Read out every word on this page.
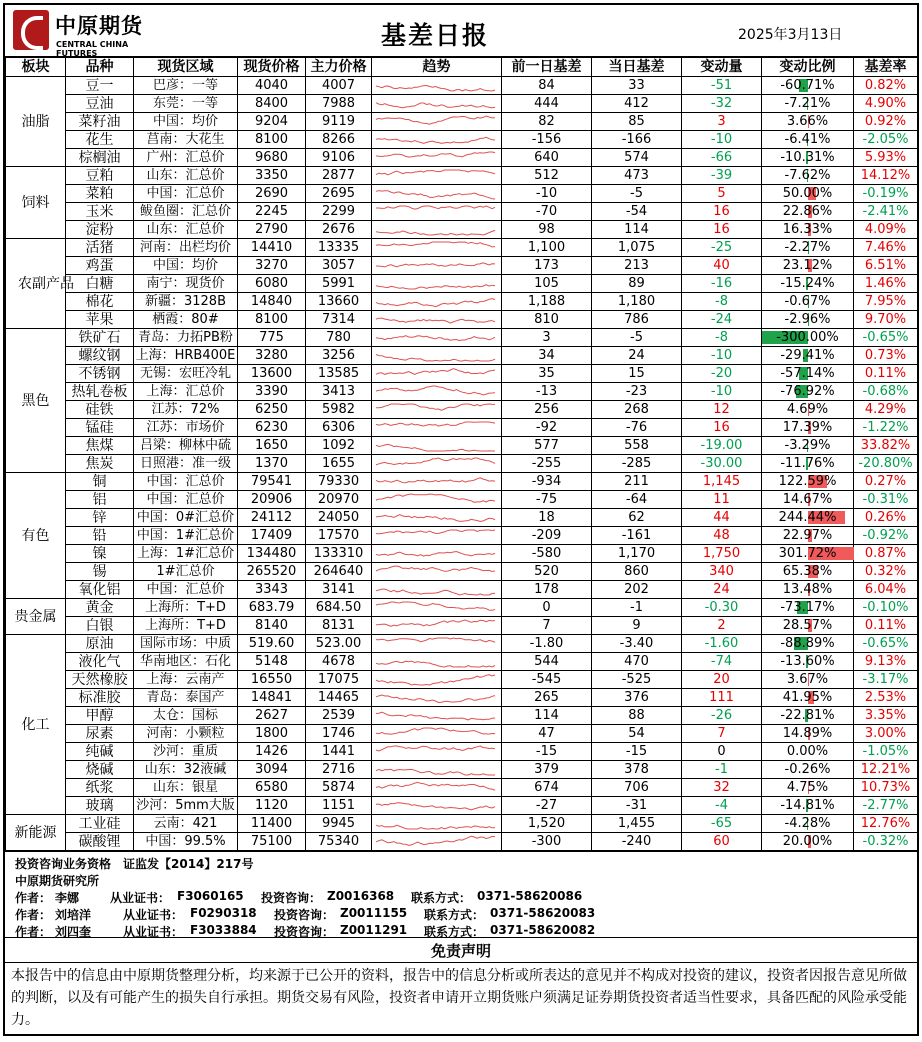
中原期货
CENTRAL CHINA FUTURES
基差日报	2025年3月13日
板块	品种	现货区域	现货价格	主力价格	趋势	前一日基差	当日基差	变动量	变动比例	基差率
油脂	豆一	巴彦：一等	4040	4007		84	33	-51	-60.71%	0.82%
	豆油	东莞：一等	8400	7988		444	412	-32	-7.21%	4.90%
	菜籽油	中国：均价	9204	9119		82	85	3	3.66%	0.92%
	花生	莒南：大花生	8100	8266		-156	-166	-10	-6.41%	-2.05%
	棕榈油	广州：汇总价	9680	9106		640	574	-66	-10.31%	5.93%
饲料	豆粕	山东：汇总价	3350	2877		512	473	-39	-7.62%	14.12%
	菜粕	中国：汇总价	2690	2695		-10	-5	5	50.00%	-0.19%
	玉米	鲅鱼圈：汇总价	2245	2299		-70	-54	16	22.86%	-2.41%
	淀粉	山东：汇总价	2790	2676		98	114	16	16.33%	4.09%
农副产品	活猪	河南：出栏均价	14410	13335		1,100	1,075	-25	-2.27%	7.46%
	鸡蛋	中国：均价	3270	3057		173	213	40	23.12%	6.51%
	白糖	南宁：现货价	6080	5991		105	89	-16	-15.24%	1.46%
	棉花	新疆：3128B	14840	13660		1,188	1,180	-8	-0.67%	7.95%
	苹果	栖霞：80#	8100	7314		810	786	-24	-2.96%	9.70%
黑色	铁矿石	青岛：力拓PB粉	775	780		3	-5	-8	-300.00%	-0.65%
	螺纹钢	上海：HRB400E	3280	3256		34	24	-10	-29.41%	0.73%
	不锈钢	无锡：宏旺冷轧	13600	13585		35	15	-20	-57.14%	0.11%
	热轧卷板	上海：汇总价	3390	3413		-13	-23	-10	-76.92%	-0.68%
	硅铁	江苏：72%	6250	5982		256	268	12	4.69%	4.29%
	锰硅	江苏：市场价	6230	6306		-92	-76	16	17.39%	-1.22%
	焦煤	吕梁：柳林中硫	1650	1092		577	558	-19.00	-3.29%	33.82%
	焦炭	日照港：准一级	1370	1655		-255	-285	-30.00	-11.76%	-20.80%
有色	铜	中国：汇总价	79541	79330		-934	211	1,145	122.59%	0.27%
	铝	中国：汇总价	20906	20970		-75	-64	11	14.67%	-0.31%
	锌	中国：0#汇总价	24112	24050		18	62	44	244.44%	0.26%
	铅	中国：1#汇总价	17409	17570		-209	-161	48	22.97%	-0.92%
	镍	上海：1#汇总价	134480	133310		-580	1,170	1,750	301.72%	0.87%
	锡	1#汇总价	265520	264640		520	860	340	65.38%	0.32%
	氧化铝	中国：汇总价	3343	3141		178	202	24	13.48%	6.04%
贵金属	黄金	上海所：T+D	683.79	684.50		0	-1	-0.30	-73.17%	-0.10%
	白银	上海所：T+D	8140	8131		7	9	2	28.57%	0.11%
化工	原油	国际市场：中质	519.60	523.00		-1.80	-3.40	-1.60	-88.89%	-0.65%
	液化气	华南地区：石化	5148	4678		544	470	-74	-13.60%	9.13%
	天然橡胶	上海：云南产	16550	17075		-545	-525	20	3.67%	-3.17%
	标准胶	青岛：泰国产	14841	14465		265	376	111	41.95%	2.53%
	甲醇	太仓：国标	2627	2539		114	88	-26	-22.81%	3.35%
	尿素	河南：小颗粒	1800	1746		47	54	7	14.89%	3.00%
	纯碱	沙河：重质	1426	1441		-15	-15	0	0.00%	-1.05%
	烧碱	山东：32液碱	3094	2716		379	378	-1	-0.26%	12.21%
	纸浆	山东：银星	6580	5874		674	706	32	4.75%	10.73%
	玻璃	沙河：5mm大版	1120	1151		-27	-31	-4	-14.81%	-2.77%
新能源	工业硅	云南：421	11400	9945		1,520	1,455	-65	-4.28%	12.76%
	碳酸锂	中国：99.5%	75100	75340		-300	-240	60	20.00%	-0.32%
投资咨询业务资格　证监发【2014】217号
中原期货研究所
作者： 李娜	从业证书： F3060165 投资咨询： Z0016368 联系方式： 0371-58620086
作者： 刘培洋	从业证书： F0290318 投资咨询： Z0011155 联系方式： 0371-58620083
作者： 刘四奎	从业证书： F3033884 投资咨询： Z0011291 联系方式： 0371-58620082
免责声明
本报告中的信息由中原期货整理分析，均来源于已公开的资料，报告中的信息分析或所表达的意见并不构成对投资的建议，投资者因报告意见所做的判断，以及有可能产生的损失自行承担。期货交易有风险，投资者申请开立期货账户须满足证券期货投资者适当性要求，具备匹配的风险承受能力。
